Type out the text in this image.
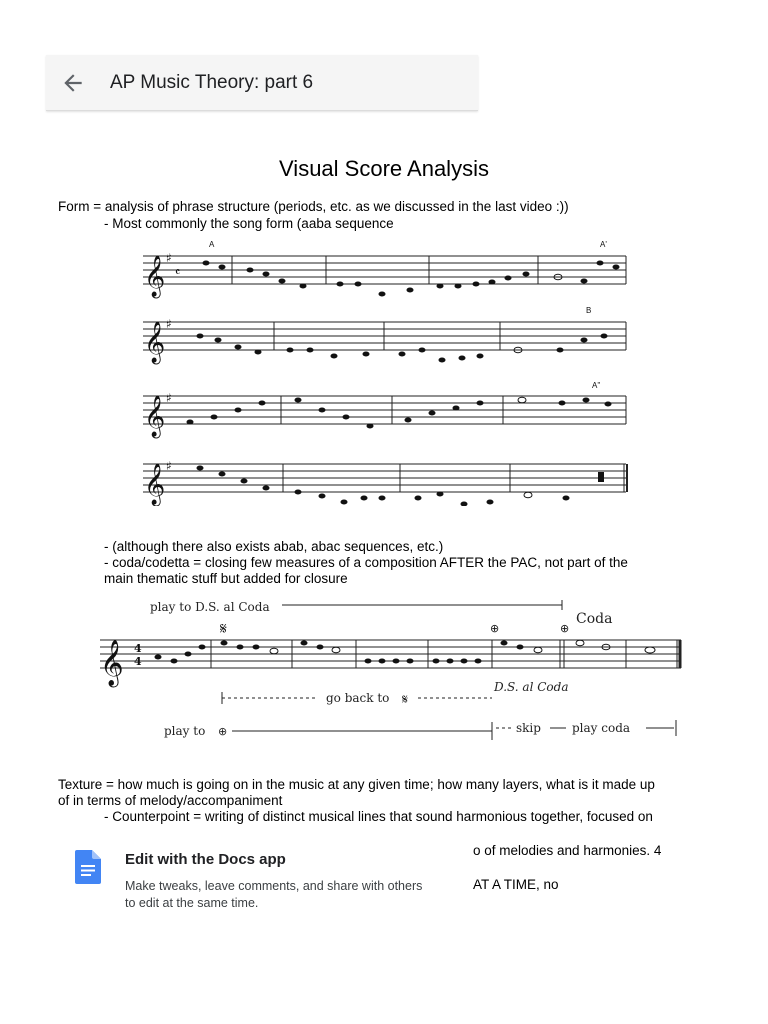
AP Music Theory: part 6
Visual Score Analysis
Form = analysis of phrase structure (periods, etc. as we discussed in the last video :))
- Most commonly the song form (aaba sequence
𝄞
𝄞
𝄞
𝄞
♯
𝄴
♯
♯
♯
A	A'
B
A''
- (although there also exists abab, abac sequences, etc.)
- coda/codetta = closing few measures of a composition AFTER the PAC, not part of the
main thematic stuff but added for closure
𝄞 4
4
𝄋	⊕	⊕
play to D.S. al Coda
Coda
D.S. al Coda
go back to 𝄋
play to ⊕	skip	play coda
Texture = how much is going on in the music at any given time; how many layers, what is it made up
of in terms of melody/accompaniment
- Counterpoint = writing of distinct musical lines that sound harmonious together, focused on
o of melodies and harmonies. 4
AT A TIME, no
Edit with the Docs app
Make tweaks, leave comments, and share with others to edit at the same time.
